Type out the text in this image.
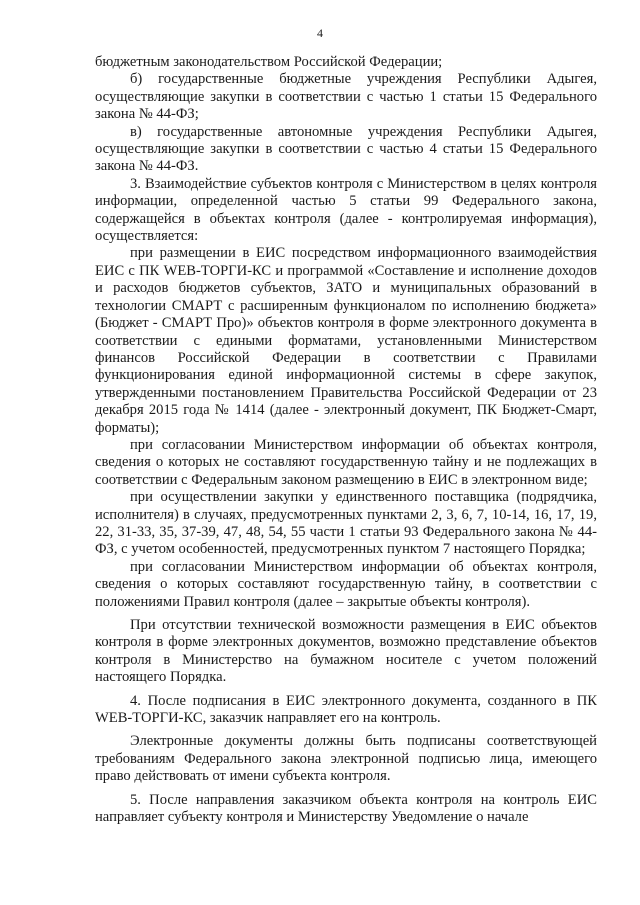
4

бюджетным законодательством Российской Федерации;

б) государственные бюджетные учреждения Республики Адыгея, осуществляющие закупки в соответствии с частью 1 статьи 15 Федерального закона № 44-ФЗ;

в) государственные автономные учреждения Республики Адыгея, осуществляющие закупки в соответствии с частью 4 статьи 15 Федерального закона № 44-ФЗ.

3. Взаимодействие субъектов контроля с Министерством в целях контроля информации, определенной частью 5 статьи 99 Федерального закона, содержащейся в объектах контроля (далее - контролируемая информация), осуществляется:

при размещении в ЕИС посредством информационного взаимодействия ЕИС с ПК WEB-ТОРГИ-КС и программой «Составление и исполнение доходов и расходов бюджетов субъектов, ЗАТО и муниципальных образований в технологии СМАРТ с расширенным функционалом по исполнению бюджета» (Бюджет - СМАРТ Про)» объектов контроля в форме электронного документа в соответствии с едиными форматами, установленными Министерством финансов Российской Федерации в соответствии с Правилами функционирования единой информационной системы в сфере закупок, утвержденными постановлением Правительства Российской Федерации от 23 декабря 2015 года № 1414 (далее - электронный документ, ПК Бюджет-Смарт, форматы);

при согласовании Министерством информации об объектах контроля, сведения о которых не составляют государственную тайну и не подлежащих в соответствии с Федеральным законом размещению в ЕИС в электронном виде;

при осуществлении закупки у единственного поставщика (подрядчика, исполнителя) в случаях, предусмотренных пунктами 2, 3, 6, 7, 10-14, 16, 17, 19, 22, 31-33, 35, 37-39, 47, 48, 54, 55 части 1 статьи 93 Федерального закона № 44-ФЗ, с учетом особенностей, предусмотренных пунктом 7 настоящего Порядка;

при согласовании Министерством информации об объектах контроля, сведения о которых составляют государственную тайну, в соответствии с положениями Правил контроля (далее – закрытые объекты контроля).

При отсутствии технической возможности размещения в ЕИС объектов контроля в форме электронных документов, возможно представление объектов контроля в Министерство на бумажном носителе с учетом положений настоящего Порядка.

4. После подписания в ЕИС электронного документа, созданного в ПК WEB-ТОРГИ-КС, заказчик направляет его на контроль.

Электронные документы должны быть подписаны соответствующей требованиям Федерального закона электронной подписью лица, имеющего право действовать от имени субъекта контроля.

5. После направления заказчиком объекта контроля на контроль ЕИС направляет субъекту контроля и Министерству Уведомление о начале
